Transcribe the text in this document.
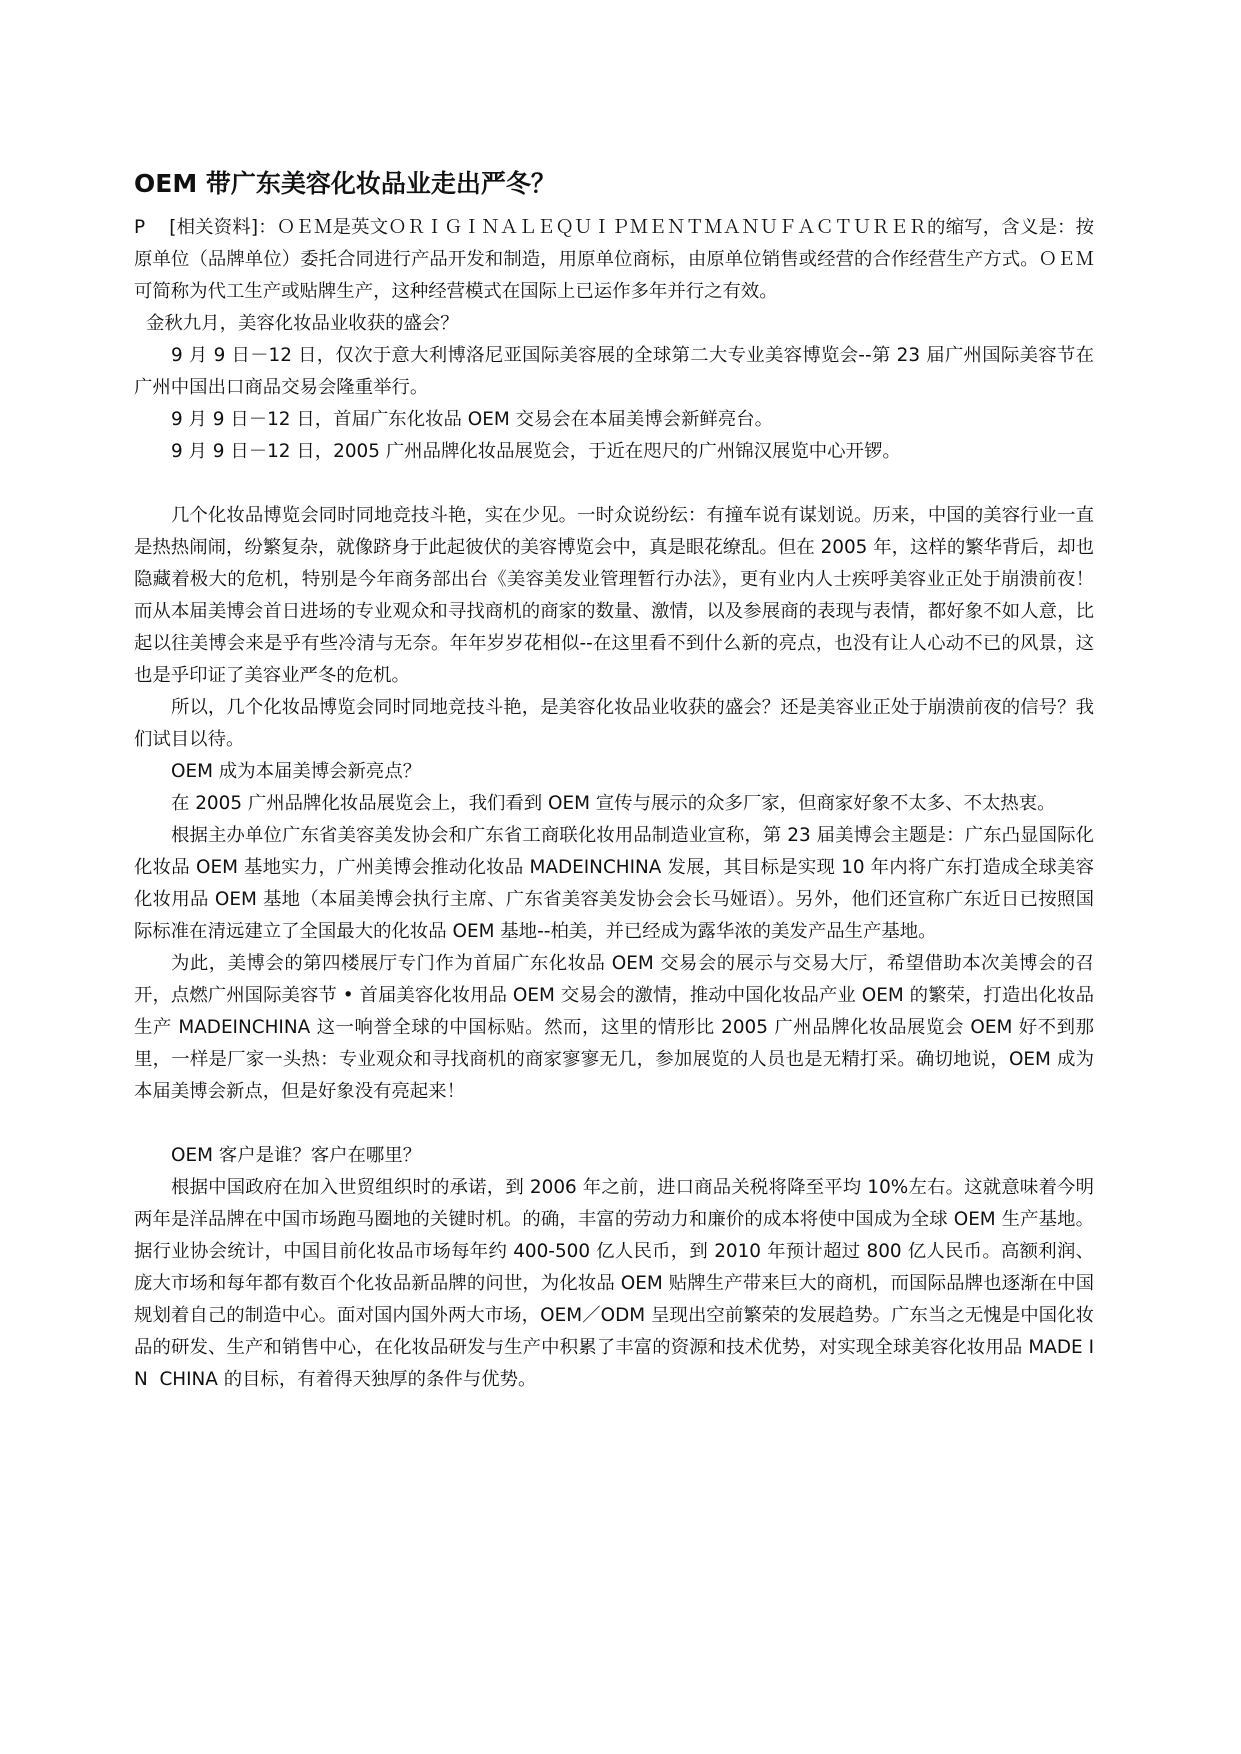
OEM 带广东美容化妆品业走出严冬？

P    [相关资料]：ＯＥＭ是英文ＯＲＩＧＩＮＡＬＥＱＵＩＰＭＥＮＴＭＡＮＵＦＡＣＴＵＲＥＲ的缩写，含义是：按原单位（品牌单位）委托合同进行产品开发和制造，用原单位商标，由原单位销售或经营的合作经营生产方式。ＯＥＭ可简称为代工生产或贴牌生产，这种经营模式在国际上已运作多年并行之有效。

金秋九月，美容化妆品业收获的盛会？

9 月 9 日－12 日，仅次于意大利博洛尼亚国际美容展的全球第二大专业美容博览会--第 23 届广州国际美容节在广州中国出口商品交易会隆重举行。

9 月 9 日－12 日，首届广东化妆品 OEM 交易会在本届美博会新鲜亮台。

9 月 9 日－12 日，2005 广州品牌化妆品展览会，于近在咫尺的广州锦汉展览中心开锣。

几个化妆品博览会同时同地竞技斗艳，实在少见。一时众说纷纭：有撞车说有谋划说。历来，中国的美容行业一直是热热闹闹，纷繁复杂，就像跻身于此起彼伏的美容博览会中，真是眼花缭乱。但在 2005 年，这样的繁华背后，却也隐藏着极大的危机，特别是今年商务部出台《美容美发业管理暂行办法》，更有业内人士疾呼美容业正处于崩溃前夜！而从本届美博会首日进场的专业观众和寻找商机的商家的数量、激情，以及参展商的表现与表情，都好象不如人意，比起以往美博会来是乎有些冷清与无奈。年年岁岁花相似--在这里看不到什么新的亮点，也没有让人心动不已的风景，这也是乎印证了美容业严冬的危机。

所以，几个化妆品博览会同时同地竞技斗艳，是美容化妆品业收获的盛会？还是美容业正处于崩溃前夜的信号？我们试目以待。

OEM 成为本届美博会新亮点？

在 2005 广州品牌化妆品展览会上，我们看到 OEM 宣传与展示的众多厂家，但商家好象不太多、不太热衷。

根据主办单位广东省美容美发协会和广东省工商联化妆用品制造业宣称，第 23 届美博会主题是：广东凸显国际化化妆品 OEM 基地实力，广州美博会推动化妆品 MADEINCHINA 发展，其目标是实现 10 年内将广东打造成全球美容化妆用品 OEM 基地（本届美博会执行主席、广东省美容美发协会会长马娅语）。另外，他们还宣称广东近日已按照国际标准在清远建立了全国最大的化妆品 OEM 基地--柏美，并已经成为露华浓的美发产品生产基地。

为此，美博会的第四楼展厅专门作为首届广东化妆品 OEM 交易会的展示与交易大厅，希望借助本次美博会的召开，点燃广州国际美容节 • 首届美容化妆用品 OEM 交易会的激情，推动中国化妆品产业 OEM 的繁荣，打造出化妆品生产 MADEINCHINA 这一响誉全球的中国标贴。然而，这里的情形比 2005 广州品牌化妆品展览会 OEM 好不到那里，一样是厂家一头热：专业观众和寻找商机的商家寥寥无几，参加展览的人员也是无精打采。确切地说，OEM 成为本届美博会新点，但是好象没有亮起来！

OEM 客户是谁？客户在哪里？

根据中国政府在加入世贸组织时的承诺，到 2006 年之前，进口商品关税将降至平均 10%左右。这就意味着今明两年是洋品牌在中国市场跑马圈地的关键时机。的确，丰富的劳动力和廉价的成本将使中国成为全球 OEM 生产基地。据行业协会统计，中国目前化妆品市场每年约 400-500 亿人民币，到 2010 年预计超过 800 亿人民币。高额利润、庞大市场和每年都有数百个化妆品新品牌的问世，为化妆品 OEM 贴牌生产带来巨大的商机，而国际品牌也逐渐在中国规划着自己的制造中心。面对国内国外两大市场，OEM／ODM 呈现出空前繁荣的发展趋势。广东当之无愧是中国化妆品的研发、生产和销售中心，在化妆品研发与生产中积累了丰富的资源和技术优势，对实现全球美容化妆用品 MADE IN  CHINA 的目标，有着得天独厚的条件与优势。
